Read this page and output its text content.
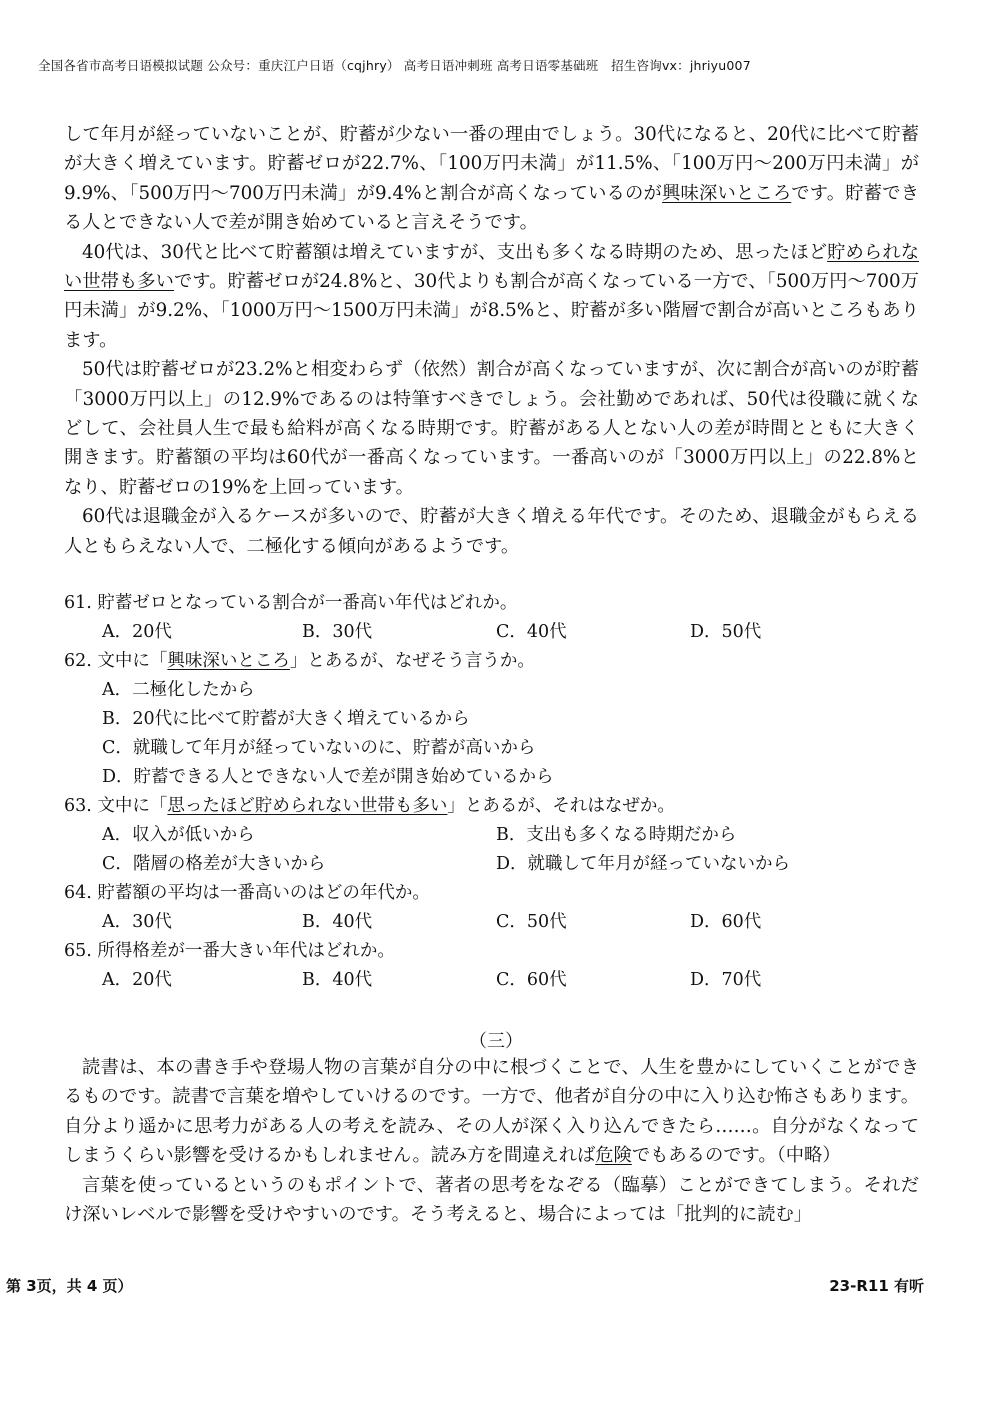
全国各省市高考日语模拟试题 公众号：重庆江户日语（cqjhry） 高考日语冲刺班 高考日语零基础班　招生咨询vx：jhriyu007

して年月が経っていないことが、貯蓄が少ない一番の理由でしょう。30代になると、20代に比べて貯蓄が大きく増えています。貯蓄ゼロが22.7%、「100万円未満」が11.5%、「100万円～200万円未満」が9.9%、「500万円～700万円未満」が9.4%と割合が高くなっているのが興味深いところです。貯蓄できる人とできない人で差が開き始めていると言えそうです。

40代は、30代と比べて貯蓄額は増えていますが、支出も多くなる時期のため、思ったほど貯められない世帯も多いです。貯蓄ゼロが24.8%と、30代よりも割合が高くなっている一方で、「500万円～700万円未満」が9.2%、「1000万円～1500万円未満」が8.5%と、貯蓄が多い階層で割合が高いところもあります。

50代は貯蓄ゼロが23.2%と相変わらず（依然）割合が高くなっていますが、次に割合が高いのが貯蓄「3000万円以上」の12.9%であるのは特筆すべきでしょう。会社勤めであれば、50代は役職に就くなどして、会社員人生で最も給料が高くなる時期です。貯蓄がある人とない人の差が時間とともに大きく開きます。貯蓄額の平均は60代が一番高くなっています。一番高いのが「3000万円以上」の22.8%となり、貯蓄ゼロの19%を上回っています。

60代は退職金が入るケースが多いので、貯蓄が大きく増える年代です。そのため、退職金がもらえる人ともらえない人で、二極化する傾向があるようです。

61. 貯蓄ゼロとなっている割合が一番高い年代はどれか。
A．20代	B．30代	C．40代	D．50代
62. 文中に「興味深いところ」とあるが、なぜそう言うか。
A．二極化したから
B．20代に比べて貯蓄が大きく増えているから
C．就職して年月が経っていないのに、貯蓄が高いから
D．貯蓄できる人とできない人で差が開き始めているから
63. 文中に「思ったほど貯められない世帯も多い」とあるが、それはなぜか。
A．収入が低いから	B．支出も多くなる時期だから
C．階層の格差が大きいから	D．就職して年月が経っていないから
64. 貯蓄額の平均は一番高いのはどの年代か。
A．30代	B．40代	C．50代	D．60代
65. 所得格差が一番大きい年代はどれか。
A．20代	B．40代	C．60代	D．70代
（三）

読書は、本の書き手や登場人物の言葉が自分の中に根づくことで、人生を豊かにしていくことができるものです。読書で言葉を増やしていけるのです。一方で、他者が自分の中に入り込む怖さもあります。自分より遥かに思考力がある人の考えを読み、その人が深く入り込んできたら……。自分がなくなってしまうくらい影響を受けるかもしれません。読み方を間違えれば危険でもあるのです。（中略）

言葉を使っているというのもポイントで、著者の思考をなぞる（臨摹）ことができてしまう。それだけ深いレベルで影響を受けやすいのです。そう考えると、場合によっては「批判的に読む」

第 3页，共 4 页）	23-R11 有听
